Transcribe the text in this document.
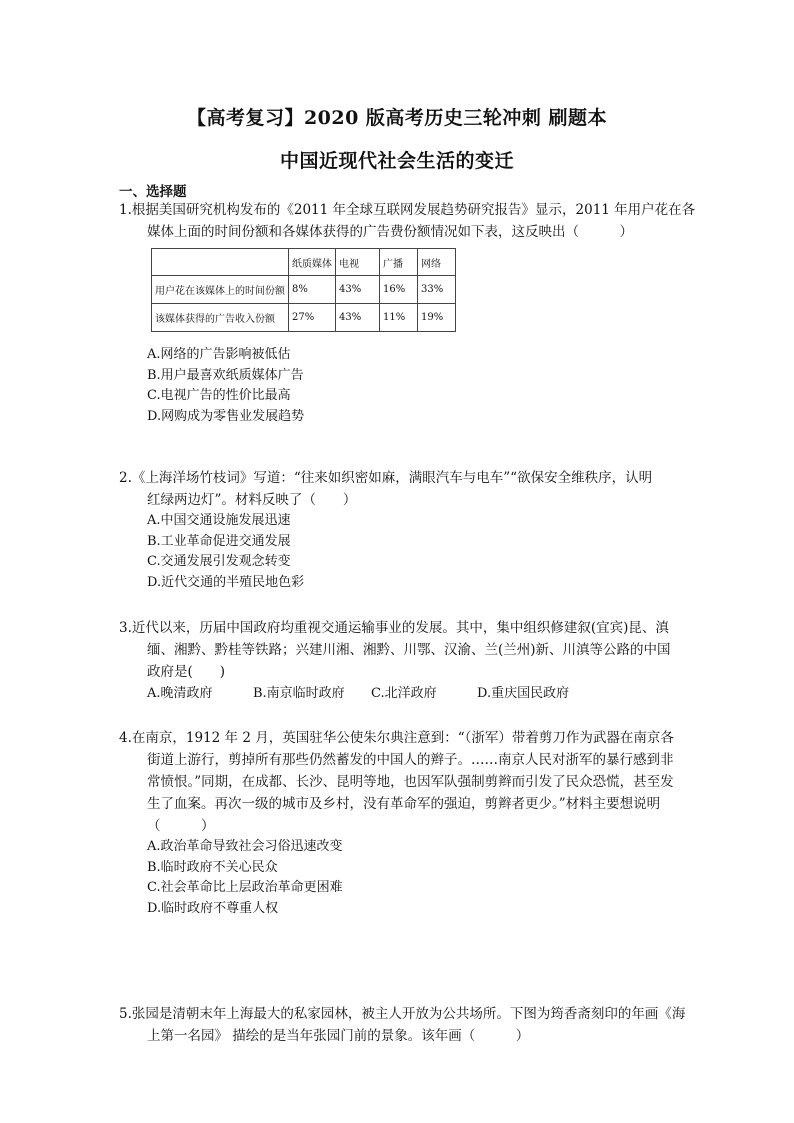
【高考复习】2020 版高考历史三轮冲刺 刷题本
中国近现代社会生活的变迁
一、选择题
1.根据美国研究机构发布的《2011 年全球互联网发展趋势研究报告》显示，2011 年用户花在各
媒体上面的时间份额和各媒体获得的广告费份额情况如下表，这反映出（　　　）
	纸质媒体	电视	广播	网络
用户花在该媒体上的时间份额	8%	43%	16%	33%
该媒体获得的广告收入份额	27%	43%	11%	19%
A.网络的广告影响被低估
B.用户最喜欢纸质媒体广告
C.电视广告的性价比最高
D.网购成为零售业发展趋势
2.《上海洋场竹枝词》写道：“往来如织密如麻，满眼汽车与电车”“欲保安全维秩序，认明
红绿两边灯”。材料反映了（　　）
A.中国交通设施发展迅速
B.工业革命促进交通发展
C.交通发展引发观念转变
D.近代交通的半殖民地色彩
3.近代以来，历届中国政府均重视交通运输事业的发展。其中，集中组织修建叙(宜宾)昆、滇
缅、湘黔、黔桂等铁路；兴建川湘、湘黔、川鄂、汉渝、兰(兰州)新、川滇等公路的中国
政府是(　　)
A.晚清政府	B.南京临时政府 C.北洋政府	D.重庆国民政府
4.在南京，1912 年 2 月，英国驻华公使朱尔典注意到：“（浙军）带着剪刀作为武器在南京各
街道上游行，剪掉所有那些仍然蓄发的中国人的辫子。……南京人民对浙军的暴行感到非
常愤恨。”同期，在成都、长沙、昆明等地，也因军队强制剪辫而引发了民众恐慌，甚至发
生了血案。再次一级的城市及乡村，没有革命军的强迫，剪辫者更少。”材料主要想说明
（　　　）
A.政治革命导致社会习俗迅速改变
B.临时政府不关心民众
C.社会革命比上层政治革命更困难
D.临时政府不尊重人权
5.张园是清朝末年上海最大的私家园林，被主人开放为公共场所。下图为筠香斋刻印的年画《海
上第一名园》 描绘的是当年张园门前的景象。该年画（　　　）
